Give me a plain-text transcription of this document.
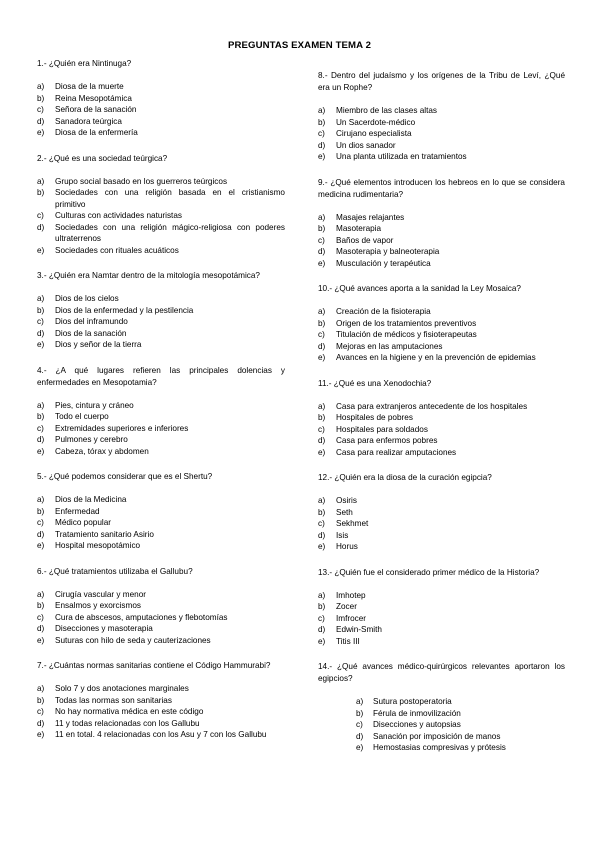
PREGUNTAS EXAMEN TEMA 2

1.- ¿Quién era Nintinuga?

a)	Diosa de la muerte
b)	Reina Mesopotámica
c)	Señora de la sanación
d)	Sanadora teúrgica
e)	Diosa de la enfermería

2.- ¿Qué es una sociedad teúrgica?

a)	Grupo social basado en los guerreros teúrgicos
b)	Sociedades con una religión basada en el cristianismo primitivo
c)	Culturas con actividades naturistas
d)	Sociedades con una religión mágico-religiosa con poderes ultraterrenos
e)	Sociedades con rituales acuáticos

3.- ¿Quién era Namtar dentro de la mitología mesopotámica?

a)	Dios de los cielos
b)	Dios de la enfermedad y la pestilencia
c)	Dios del inframundo
d)	Dios de la sanación
e)	Dios y señor de la tierra

4.- ¿A qué lugares refieren las principales dolencias y enfermedades en Mesopotamia?

a)	Pies, cintura y cráneo
b)	Todo el cuerpo
c)	Extremidades superiores e inferiores
d)	Pulmones y cerebro
e)	Cabeza, tórax y abdomen

5.- ¿Qué podemos considerar que es el Shertu?

a)	Dios de la Medicina
b)	Enfermedad
c)	Médico popular
d)	Tratamiento sanitario Asirio
e)	Hospital mesopotámico

6.- ¿Qué tratamientos utilizaba el Gallubu?

a)	Cirugía vascular y menor
b)	Ensalmos y exorcismos
c)	Cura de abscesos, amputaciones y flebotomías
d)	Disecciones y masoterapia
e)	Suturas con hilo de seda y cauterizaciones

7.- ¿Cuántas normas sanitarias contiene el Código Hammurabi?

a)	Solo 7 y dos anotaciones marginales
b)	Todas las normas son sanitarias
c)	No hay normativa médica en este código
d)	11 y todas relacionadas con los Gallubu
e)	11 en total. 4 relacionadas con los Asu y 7 con los Gallubu

8.- Dentro del judaísmo y los orígenes de la Tribu de Leví, ¿Qué era un Rophe?

a)	Miembro de las clases altas
b)	Un Sacerdote-médico
c)	Cirujano especialista
d)	Un dios sanador
e)	Una planta utilizada en tratamientos

9.- ¿Qué elementos introducen los hebreos en lo que se considera medicina rudimentaria?

a)	Masajes relajantes
b)	Masoterapia
c)	Baños de vapor
d)	Masoterapia y balneoterapia
e)	Musculación y terapéutica

10.- ¿Qué avances aporta a la sanidad la Ley Mosaica?

a)	Creación de la fisioterapia
b)	Origen de los tratamientos preventivos
c)	Titulación de médicos y fisioterapeutas
d)	Mejoras en las amputaciones
e)	Avances en la higiene y en la prevención de epidemias

11.- ¿Qué es una Xenodochia?

a)	Casa para extranjeros antecedente de los hospitales
b)	Hospitales de pobres
c)	Hospitales para soldados
d)	Casa para enfermos pobres
e)	Casa para realizar amputaciones

12.- ¿Quién era la diosa de la curación egipcia?

a)	Osiris
b)	Seth
c)	Sekhmet
d)	Isis
e)	Horus

13.- ¿Quién fue el considerado primer médico de la Historia?

a)	Imhotep
b)	Zocer
c)	Imfrocer
d)	Edwin-Smith
e)	Titis III

14.- ¿Qué avances médico-quirúrgicos relevantes aportaron los egipcios?

a)	Sutura postoperatoria
b)	Férula de inmovilización
c)	Disecciones y autopsias
d)	Sanación por imposición de manos
e)	Hemostasias compresivas y prótesis
